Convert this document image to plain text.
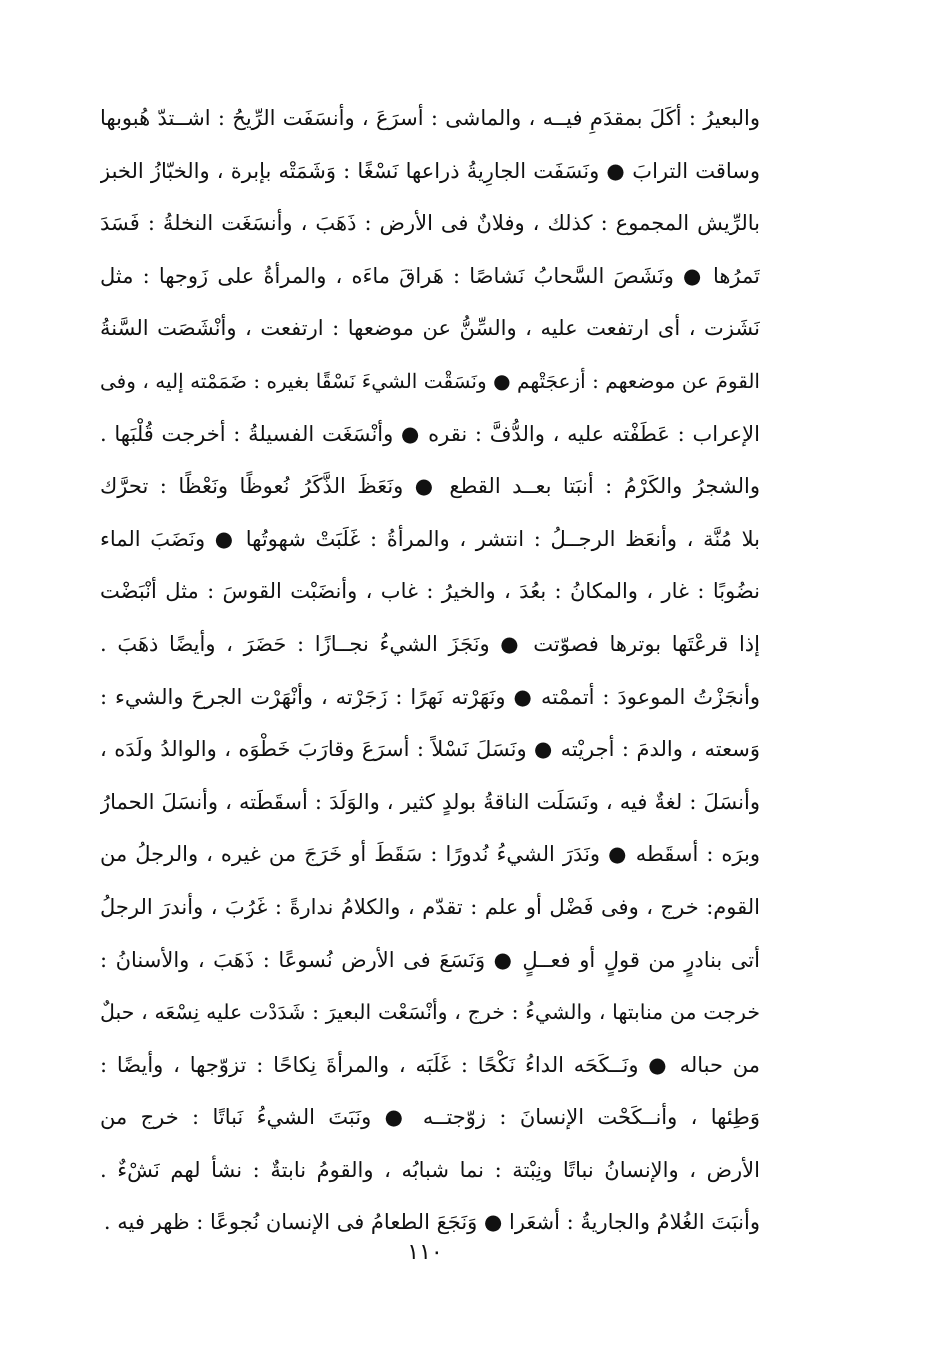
والبعيرُ : أكَلَ بمقدَمِ فيــه ، والماشى : أسرَعَ ، وأنسَفَت الرِّيحُ : اشــتدّ هُبوبها
وساقت الترابَ ● ونَسَفَت الجارِيةُ ذراعها نَسْغًا : وَشَمَتْه بإبرة ، والخبّازُ الخبز
بالرِّيش المجموع : كذلك ، وفلانٌ فى الأرض : ذَهَبَ ، وأنسَغَت النخلةُ : فَسَدَ
تَمرُها ● ونَشَصَ السَّحابُ نَشاصًا : هَراقَ ماءَه ، والمرأةُ على زَوجها : مثل
نَشَزت ، أى ارتفعت عليه ، والسِّنُّ عن موضعها : ارتفعت ، وأنْشَصَت السَّنةُ
القومَ عن موضعهم : أزعجَتْهم ● ونَسَقْت الشيءَ نَسْقًا بغيره : ضَمَمْته إليه ، وفى
الإعراب : عَطَفْته عليه ، والدُّفَّ : نقره ● وأنْسَغَت الفسيلةُ : أخرجت قُلْبَها .
والشجرُ والكَرْمُ : أنبَتا بعــد القطع ● ونَعَظَ الذَّكَرُ نُعوظًا ونَعْظًا : تحرَّك
بلا مُنَّة ، وأنعَظ الرجــلُ : انتشر ، والمرأةُ : غَلَبَتْ شهوتُها ● ونَضَبَ الماء
نضُوبًا : غار ، والمكانُ : بعُدَ ، والخيرُ : غاب ، وأنضَبْت القوسَ : مثل أنْبَضْت
إذا قرعْتَها بوترها فصوّتت ● ونَجَزَ الشيءُ نجــازًا : حَضَرَ ، وأيضًا ذهَبَ .
وأنجَزْتُ الموعودَ : أتممْته ● ونَهَرْته نَهرًا : زَجَرْته ، وأنْهَرْت الجرحَ والشيء :
وَسعته ، والدمَ : أجريْته ● ونَسَلَ نَسْلاً : أسرَعَ وقارَبَ خَطْوَه ، والوالدُ ولَدَه ،
وأنسَلَ : لغةٌ فيه ، ونَسَلَت الناقةُ بولدٍ كثير ، والوَلَدَ : أسقَطَته ، وأنسَلَ الحمارُ
وبرَه : أسقَطه ● ونَدَرَ الشيءُ نُدورًا : سَقَطَ أو خَرَجَ من غيره ، والرجلُ من
القوم: خرج ، وفى فَضْل أو علم : تقدّم ، والكلامُ ندارةً : غَرُبَ ، وأندرَ الرجلُ
أتى بنادرٍ من قولٍ أو فعــلٍ ● وَنَسَعَ فى الأرض نُسوعًا : ذَهَبَ ، والأسنانُ :
خرجت من منابتها ، والشيءُ : خرج ، وأنْسَعْت البعيرَ : شَدَدْت عليه نِسْعَه ، حبلٌ
من حباله ● ونَــكَحَه الداءُ نَكْحًا : غَلَبَه ، والمرأةَ نِكاحًا : تزوّجها ، وأيضًا :
وَطِئها ، وأنــكَحْت الإنسانَ : زوّجتــه ● ونَبَتَ الشيءُ نَباتًا : خرج من
الأرض ، والإنسانُ نباتًا ونِبْتة : نما شبابُه ، والقومُ نابتةٌ : نشأ لهم نَشْءٌ .
وأنبَتَ الغُلامُ والجاريةُ : أشعَرا ● وَنَجَعَ الطعامُ فى الإنسان نُجوعًا : ظهر فيه .
١١٠
